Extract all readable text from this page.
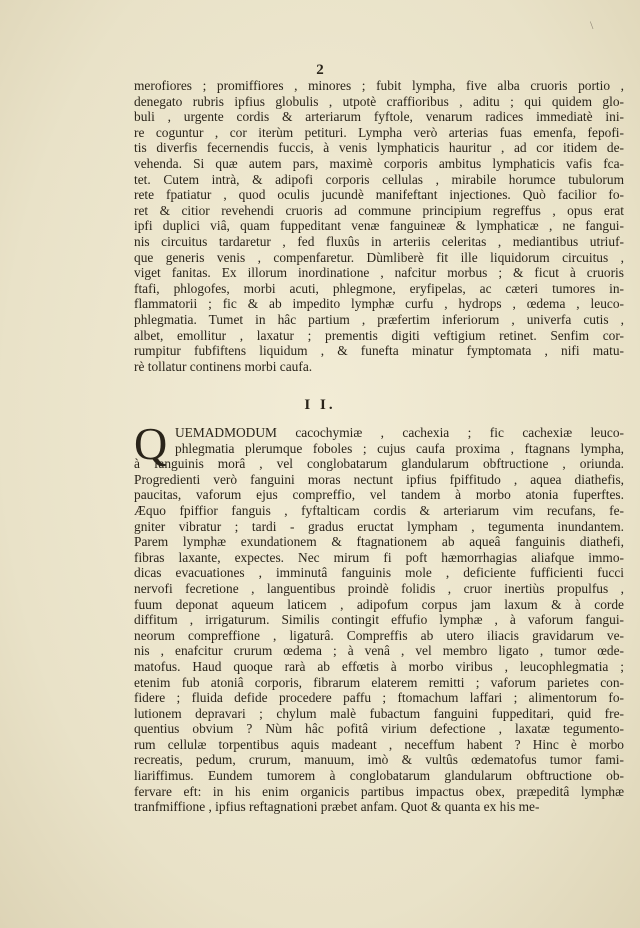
2
merofiores ; promiffiores , minores ; fubit lympha, five alba cruoris portio ,
denegato rubris ipfius globulis , utpotè craffioribus , aditu ; qui quidem glo-
buli , urgente cordis & arteriarum fyftole, venarum radices immediatè ini-
re coguntur , cor iterùm petituri. Lympha verò arterias fuas emenfa, fepofi-
tis diverfis fecernendis fuccis, à venis lymphaticis hauritur , ad cor itidem de-
vehenda. Si quæ autem pars, maximè corporis ambitus lymphaticis vafis fca-
tet. Cutem intrà, & adipofi corporis cellulas , mirabile horumce tubulorum
rete fpatiatur , quod oculis jucundè manifeftant injectiones. Quò facilior fo-
ret & citior revehendi cruoris ad commune principium regreffus , opus erat
ipfi duplici viâ, quam fuppeditant venæ fanguineæ & lymphaticæ , ne fangui-
nis circuitus tardaretur , fed fluxûs in arteriis celeritas , mediantibus utriuf-
que generis venis , compenfaretur. Dùmliberè fit ille liquidorum circuitus ,
viget fanitas. Ex illorum inordinatione , nafcitur morbus ; & ficut à cruoris
ftafi, phlogofes, morbi acuti, phlegmone, eryfipelas, ac cæteri tumores in-
flammatorii ; fic & ab impedito lymphæ curfu , hydrops , œdema , leuco-
phlegmatia. Tumet in hâc partium , præfertim inferiorum , univerfa cutis ,
albet, emollitur , laxatur ; prementis digiti veftigium retinet. Senfim cor-
rumpitur fubfiftens liquidum , & funefta minatur fymptomata , nifi matu-
rè tollatur continens morbi caufa.
I I.
Q UEMADMODUM cacochymiæ , cachexia ; fic cachexiæ leuco-
phlegmatia plerumque foboles ; cujus caufa proxima , ftagnans lympha,
à fanguinis morâ , vel conglobatarum glandularum obftructione , oriunda.
Progredienti verò fanguini moras nectunt ipfius fpiffitudo , aquea diathefis,
paucitas, vaforum ejus compreffio, vel tandem à morbo atonia fuperftes.
Æquo fpiffior fanguis , fyftalticam cordis & arteriarum vim recufans, fe-
gniter vibratur ; tardi - gradus eructat lympham , tegumenta inundantem.
Parem lymphæ exundationem & ftagnationem ab aqueâ fanguinis diathefi,
fibras laxante, expectes. Nec mirum fi poft hæmorrhagias aliafque immo-
dicas evacuationes , imminutâ fanguinis mole , deficiente fufficienti fucci
nervofi fecretione , languentibus proindè folidis , cruor inertiùs propulfus ,
fuum deponat aqueum laticem , adipofum corpus jam laxum & à corde
diffitum , irrigaturum. Similis contingit effufio lymphæ , à vaforum fangui-
neorum compreffione , ligaturâ. Compreffis ab utero iliacis gravidarum ve-
nis , enafcitur crurum œdema ; à venâ , vel membro ligato , tumor œde-
matofus. Haud quoque rarà ab effœtis à morbo viribus , leucophlegmatia ;
etenim fub atoniâ corporis, fibrarum elaterem remitti ; vaforum parietes con-
fidere ; fluida defide procedere paffu ; ftomachum laffari ; alimentorum fo-
lutionem depravari ; chylum malè fubactum fanguini fuppeditari, quid fre-
quentius obvium ? Nùm hâc pofitâ virium defectione , laxatæ tegumento-
rum cellulæ torpentibus aquis madeant , neceffum habent ? Hinc è morbo
recreatis, pedum, crurum, manuum, imò & vultûs œdematofus tumor fami-
liariffimus. Eundem tumorem à conglobatarum glandularum obftructione ob-
fervare eft: in his enim organicis partibus impactus obex, præpeditâ lymphæ
tranfmiffione , ipfius reftagnationi præbet anfam. Quot & quanta ex his me-
\
